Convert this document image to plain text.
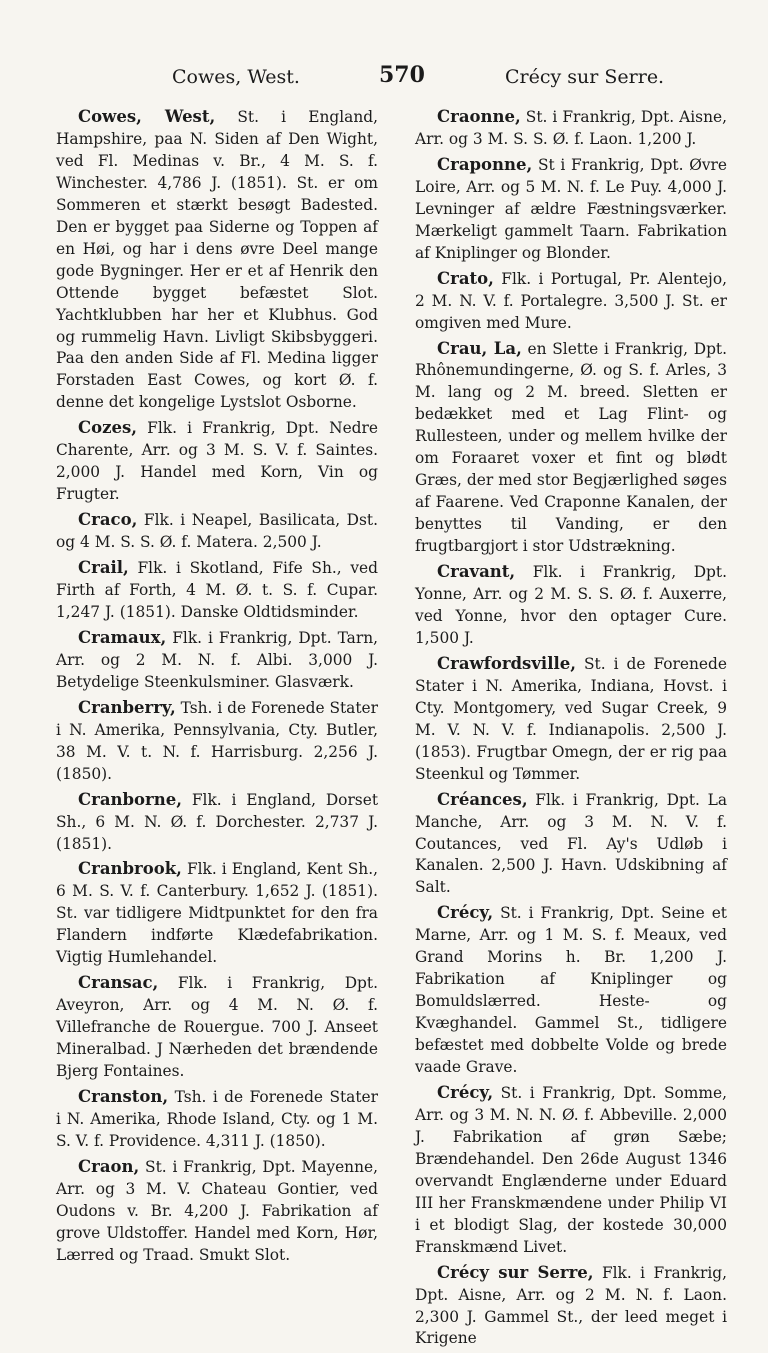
Cowes, West.	570	Crécy sur Serre.

Cowes, West, St. i England, Hampshire, paa N. Siden af Den Wight, ved Fl. Medinas v. Br., 4 M. S. f. Winchester. 4,786 J. (1851). St. er om Sommeren et stærkt besøgt Badested. Den er bygget paa Siderne og Toppen af en Høi, og har i dens øvre Deel mange gode Bygninger. Her er et af Henrik den Ottende bygget befæstet Slot. Yachtklubben har her et Klubhus. God og rummelig Havn. Livligt Skibsbyggeri. Paa den anden Side af Fl. Medina ligger Forstaden East Cowes, og kort Ø. f. denne det kongelige Lystslot Osborne.

Cozes, Flk. i Frankrig, Dpt. Nedre Charente, Arr. og 3 M. S. V. f. Saintes. 2,000 J. Handel med Korn, Vin og Frugter.

Craco, Flk. i Neapel, Basilicata, Dst. og 4 M. S. S. Ø. f. Matera. 2,500 J.

Crail, Flk. i Skotland, Fife Sh., ved Firth af Forth, 4 M. Ø. t. S. f. Cupar. 1,247 J. (1851). Danske Oldtidsminder.

Cramaux, Flk. i Frankrig, Dpt. Tarn, Arr. og 2 M. N. f. Albi. 3,000 J. Betydelige Steenkulsminer. Glasværk.

Cranberry, Tsh. i de Forenede Stater i N. Amerika, Pennsylvania, Cty. Butler, 38 M. V. t. N. f. Harrisburg. 2,256 J. (1850).

Cranborne, Flk. i England, Dorset Sh., 6 M. N. Ø. f. Dorchester. 2,737 J. (1851).

Cranbrook, Flk. i England, Kent Sh., 6 M. S. V. f. Canterbury. 1,652 J. (1851). St. var tidligere Midtpunktet for den fra Flandern indførte Klædefabrikation. Vigtig Humlehandel.

Cransac, Flk. i Frankrig, Dpt. Aveyron, Arr. og 4 M. N. Ø. f. Villefranche de Rouergue. 700 J. Anseet Mineralbad. J Nærheden det brændende Bjerg Fontaines.

Cranston, Tsh. i de Forenede Stater i N. Amerika, Rhode Island, Cty. og 1 M. S. V. f. Providence. 4,311 J. (1850).

Craon, St. i Frankrig, Dpt. Mayenne, Arr. og 3 M. V. Chateau Gontier, ved Oudons v. Br. 4,200 J. Fabrikation af grove Uldstoffer. Handel med Korn, Hør, Lærred og Traad. Smukt Slot.

Craonne, St. i Frankrig, Dpt. Aisne, Arr. og 3 M. S. S. Ø. f. Laon. 1,200 J.

Craponne, St i Frankrig, Dpt. Øvre Loire, Arr. og 5 M. N. f. Le Puy. 4,000 J. Levninger af ældre Fæstningsværker. Mærkeligt gammelt Taarn. Fabrikation af Kniplinger og Blonder.

Crato, Flk. i Portugal, Pr. Alentejo, 2 M. N. V. f. Portalegre. 3,500 J. St. er omgiven med Mure.

Crau, La, en Slette i Frankrig, Dpt. Rhônemundingerne, Ø. og S. f. Arles, 3 M. lang og 2 M. breed. Sletten er bedækket med et Lag Flint- og Rullesteen, under og mellem hvilke der om Foraaret voxer et fint og blødt Græs, der med stor Begjærlighed søges af Faarene. Ved Craponne Kanalen, der benyttes til Vanding, er den frugtbargjort i stor Udstrækning.

Cravant, Flk. i Frankrig, Dpt. Yonne, Arr. og 2 M. S. S. Ø. f. Auxerre, ved Yonne, hvor den optager Cure. 1,500 J.

Crawfordsville, St. i de Forenede Stater i N. Amerika, Indiana, Hovst. i Cty. Montgomery, ved Sugar Creek, 9 M. V. N. V. f. Indianapolis. 2,500 J. (1853). Frugtbar Omegn, der er rig paa Steenkul og Tømmer.

Créances, Flk. i Frankrig, Dpt. La Manche, Arr. og 3 M. N. V. f. Coutances, ved Fl. Ay's Udløb i Kanalen. 2,500 J. Havn. Udskibning af Salt.

Crécy, St. i Frankrig, Dpt. Seine et Marne, Arr. og 1 M. S. f. Meaux, ved Grand Morins h. Br. 1,200 J. Fabrikation af Kniplinger og Bomuldslærred. Heste- og Kvæghandel. Gammel St., tidligere befæstet med dobbelte Volde og brede vaade Grave.

Crécy, St. i Frankrig, Dpt. Somme, Arr. og 3 M. N. N. Ø. f. Abbeville. 2,000 J. Fabrikation af grøn Sæbe; Brændehandel. Den 26de August 1346 overvandt Englænderne under Eduard III her Franskmændene under Philip VI i et blodigt Slag, der kostede 30,000 Franskmænd Livet.

Crécy sur Serre, Flk. i Frankrig, Dpt. Aisne, Arr. og 2 M. N. f. Laon. 2,300 J. Gammel St., der leed meget i Krigene
